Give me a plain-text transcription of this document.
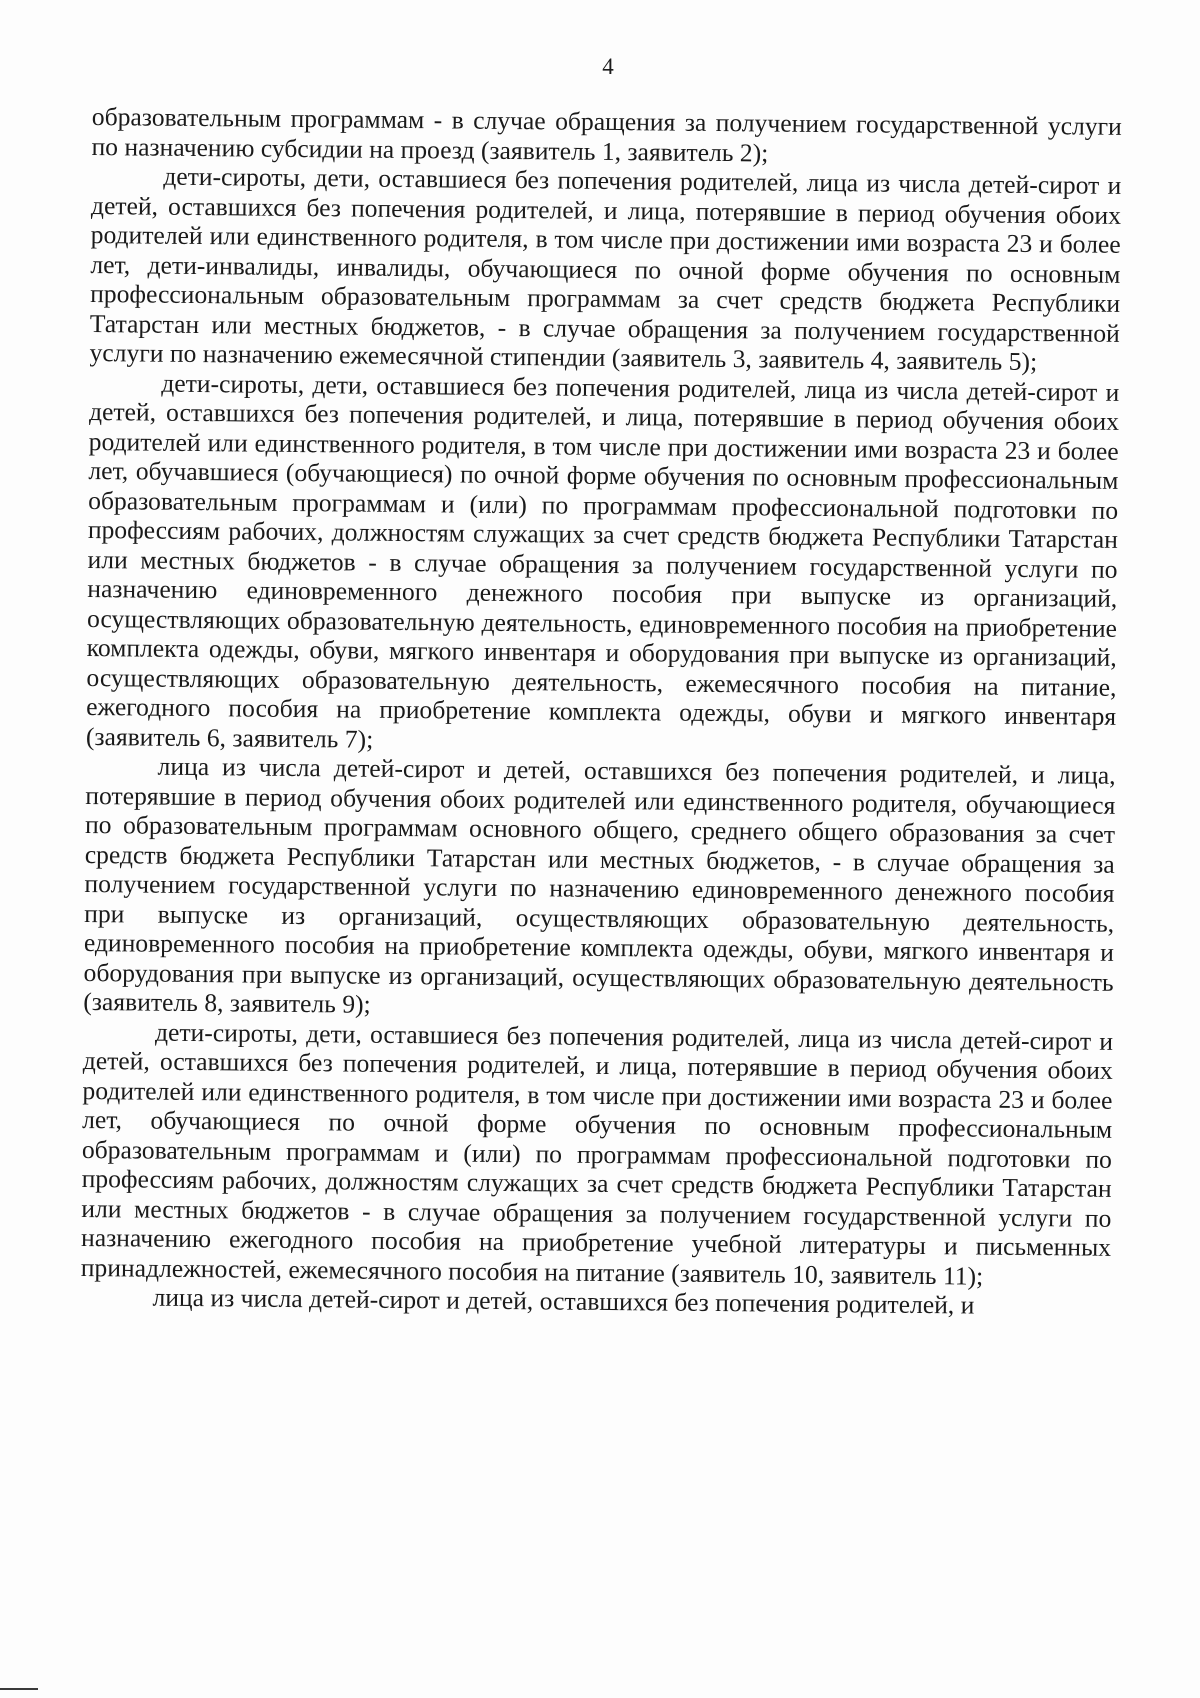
4

образовательным программам - в случае обращения за получением государственной услуги по назначению субсидии на проезд (заявитель 1, заявитель 2);

дети-сироты, дети, оставшиеся без попечения родителей, лица из числа детей-сирот и детей, оставшихся без попечения родителей, и лица, потерявшие в период обучения обоих родителей или единственного родителя, в том числе при достижении ими возраста 23 и более лет, дети-инвалиды, инвалиды, обучающиеся по очной форме обучения по основным профессиональным образовательным программам за счет средств бюджета Республики Татарстан или местных бюджетов, - в случае обращения за получением государственной услуги по назначению ежемесячной стипендии (заявитель 3, заявитель 4, заявитель 5);

дети-сироты, дети, оставшиеся без попечения родителей, лица из числа детей-сирот и детей, оставшихся без попечения родителей, и лица, потерявшие в период обучения обоих родителей или единственного родителя, в том числе при достижении ими возраста 23 и более лет, обучавшиеся (обучающиеся) по очной форме обучения по основным профессиональным образовательным программам и (или) по программам профессиональной подготовки по профессиям рабочих, должностям служащих за счет средств бюджета Республики Татарстан или местных бюджетов - в случае обращения за получением государственной услуги по назначению единовременного денежного пособия при выпуске из организаций, осуществляющих образовательную деятельность, единовременного пособия на приобретение комплекта одежды, обуви, мягкого инвентаря и оборудования при выпуске из организаций, осуществляющих образовательную деятельность, ежемесячного пособия на питание, ежегодного пособия на приобретение комплекта одежды, обуви и мягкого инвентаря (заявитель 6, заявитель 7);

лица из числа детей-сирот и детей, оставшихся без попечения родителей, и лица, потерявшие в период обучения обоих родителей или единственного родителя, обучающиеся по образовательным программам основного общего, среднего общего образования за счет средств бюджета Республики Татарстан или местных бюджетов, - в случае обращения за получением государственной услуги по назначению единовременного денежного пособия при выпуске из организаций, осуществляющих образовательную деятельность, единовременного пособия на приобретение комплекта одежды, обуви, мягкого инвентаря и оборудования при выпуске из организаций, осуществляющих образовательную деятельность (заявитель 8, заявитель 9);

дети-сироты, дети, оставшиеся без попечения родителей, лица из числа детей-сирот и детей, оставшихся без попечения родителей, и лица, потерявшие в период обучения обоих родителей или единственного родителя, в том числе при достижении ими возраста 23 и более лет, обучающиеся по очной форме обучения по основным профессиональным образовательным программам и (или) по программам профессиональной подготовки по профессиям рабочих, должностям служащих за счет средств бюджета Республики Татарстан или местных бюджетов - в случае обращения за получением государственной услуги по назначению ежегодного пособия на приобретение учебной литературы и письменных принадлежностей, ежемесячного пособия на питание (заявитель 10, заявитель 11);

лица из числа детей-сирот и детей, оставшихся без попечения родителей, и
